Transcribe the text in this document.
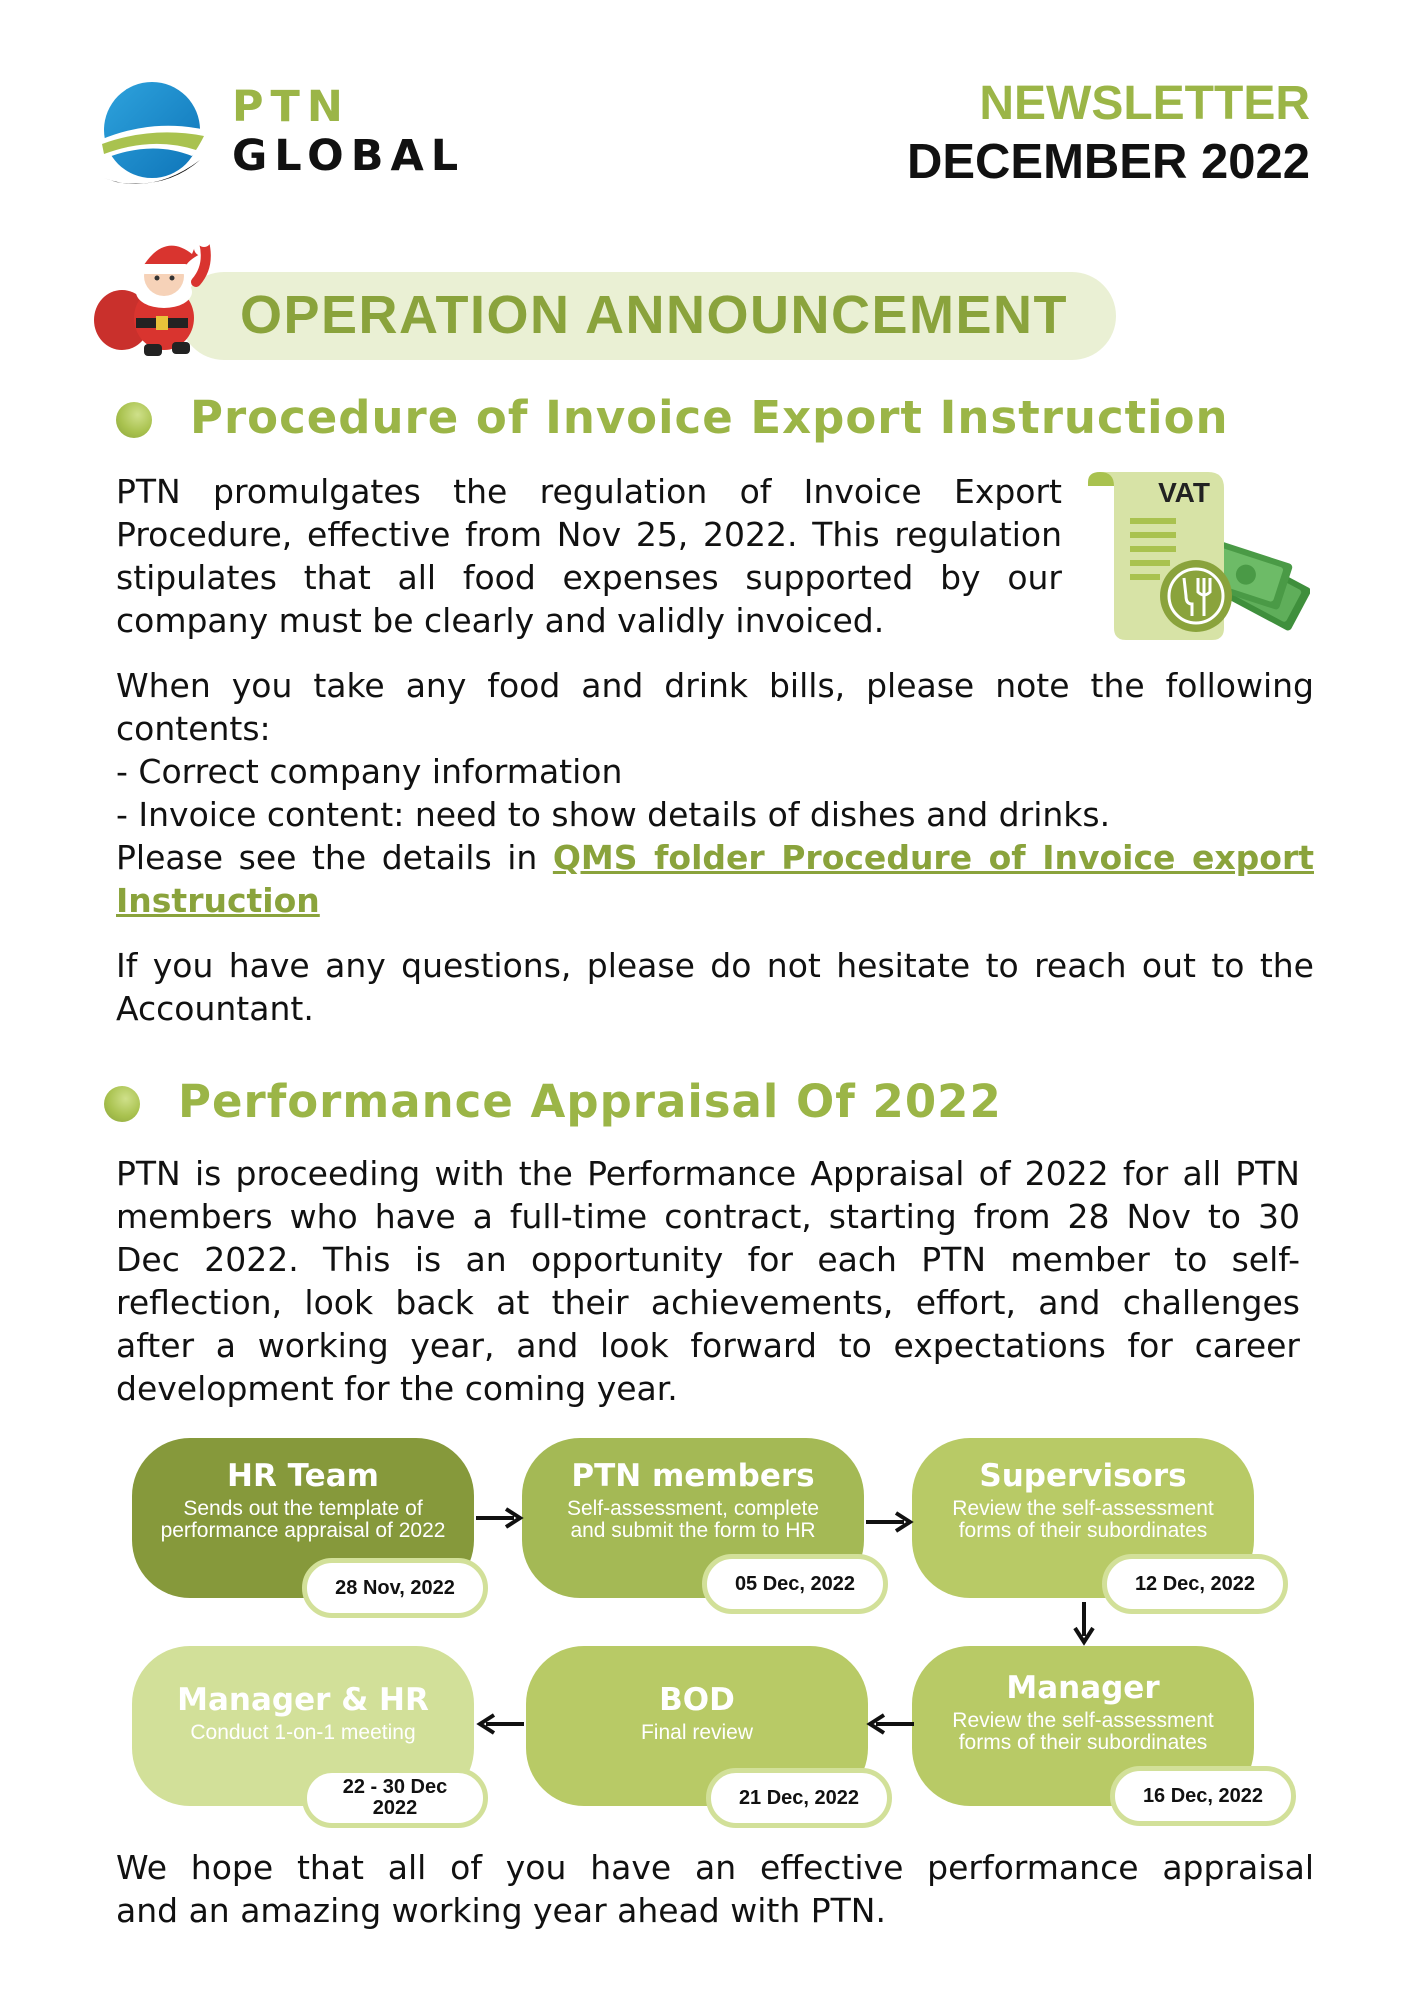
PTN
GLOBAL
NEWSLETTER
DECEMBER 2022
OPERATION ANNOUNCEMENT
Procedure of Invoice Export Instruction
PTN promulgates the regulation of Invoice Export
Procedure, effective from Nov 25, 2022. This regulation
stipulates that all food expenses supported by our
company must be clearly and validly invoiced.
VAT
When you take any food and drink bills, please note the following
contents:
- Correct company information
- Invoice content: need to show details of dishes and drinks.
Please see the details in QMS folder Procedure of Invoice export
Instruction
If you have any questions, please do not hesitate to reach out to the
Accountant.
Performance Appraisal Of 2022
PTN is proceeding with the Performance Appraisal of 2022 for all PTN
members who have a full-time contract, starting from 28 Nov to 30
Dec 2022. This is an opportunity for each PTN member to self-
reflection, look back at their achievements, effort, and challenges
after a working year, and look forward to expectations for career
development for the coming year.
HR Team
Sends out the template of
performance appraisal of 2022
28 Nov, 2022
PTN members
Self-assessment, complete
and submit the form to HR
05 Dec, 2022
Supervisors
Review the self-assessment
forms of their subordinates
12 Dec, 2022
Manager
Review the self-assessment
forms of their subordinates
16 Dec, 2022
BOD
Final review
21 Dec, 2022
Manager & HR
Conduct 1-on-1 meeting
22 - 30 Dec
2022
We hope that all of you have an effective performance appraisal
and an amazing working year ahead with PTN.
